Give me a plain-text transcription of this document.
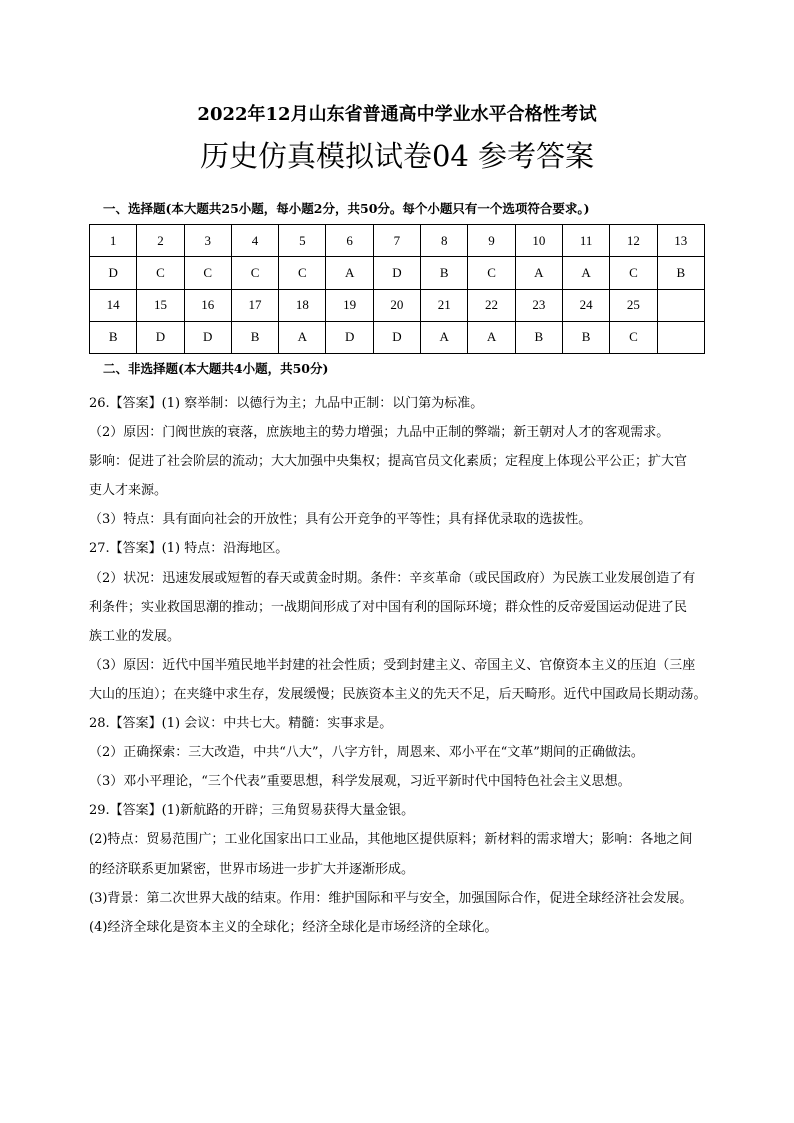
2022年12月山东省普通高中学业水平合格性考试
历史仿真模拟试卷04 参考答案
一、选择题(本大题共25小题，每小题2分，共50分。每个小题只有一个选项符合要求。)
1	2	3	4	5	6	7	8	9	10	11	12	13
D	C	C	C	C	A	D	B	C	A	A	C	B
14	15	16	17	18	19	20	21	22	23	24	25	
B	D	D	B	A	D	D	A	A	B	B	C	
二、非选择题(本大题共4小题，共50分)

26.【答案】(1) 察举制：以德行为主；九品中正制：以门第为标准。

（2）原因：门阀世族的衰落，庶族地主的势力增强；九品中正制的弊端；新王朝对人才的客观需求。

影响：促进了社会阶层的流动；大大加强中央集权；提高官员文化素质；定程度上体现公平公正；扩大官

吏人才来源。

（3）特点：具有面向社会的开放性；具有公开竞争的平等性；具有择优录取的选拔性。

27.【答案】(1) 特点：沿海地区。

（2）状况：迅速发展或短暂的春天或黄金时期。条件：辛亥革命（或民国政府）为民族工业发展创造了有

利条件；实业救国思潮的推动；一战期间形成了对中国有利的国际环境；群众性的反帝爱国运动促进了民

族工业的发展。

（3）原因：近代中国半殖民地半封建的社会性质；受到封建主义、帝国主义、官僚资本主义的压迫（三座

大山的压迫）；在夹缝中求生存，发展缓慢；民族资本主义的先天不足，后天畸形。近代中国政局长期动荡。

28.【答案】(1) 会议：中共七大。精髓：实事求是。

（2）正确探索：三大改造，中共“八大”，八字方针，周恩来、邓小平在“文革”期间的正确做法。

（3）邓小平理论，“三个代表”重要思想，科学发展观，习近平新时代中国特色社会主义思想。

29.【答案】(1)新航路的开辟；三角贸易获得大量金银。

(2)特点：贸易范围广；工业化国家出口工业品，其他地区提供原料；新材料的需求增大；影响：各地之间

的经济联系更加紧密，世界市场进一步扩大并逐渐形成。

(3)背景：第二次世界大战的结束。作用：维护国际和平与安全，加强国际合作，促进全球经济社会发展。

(4)经济全球化是资本主义的全球化；经济全球化是市场经济的全球化。
